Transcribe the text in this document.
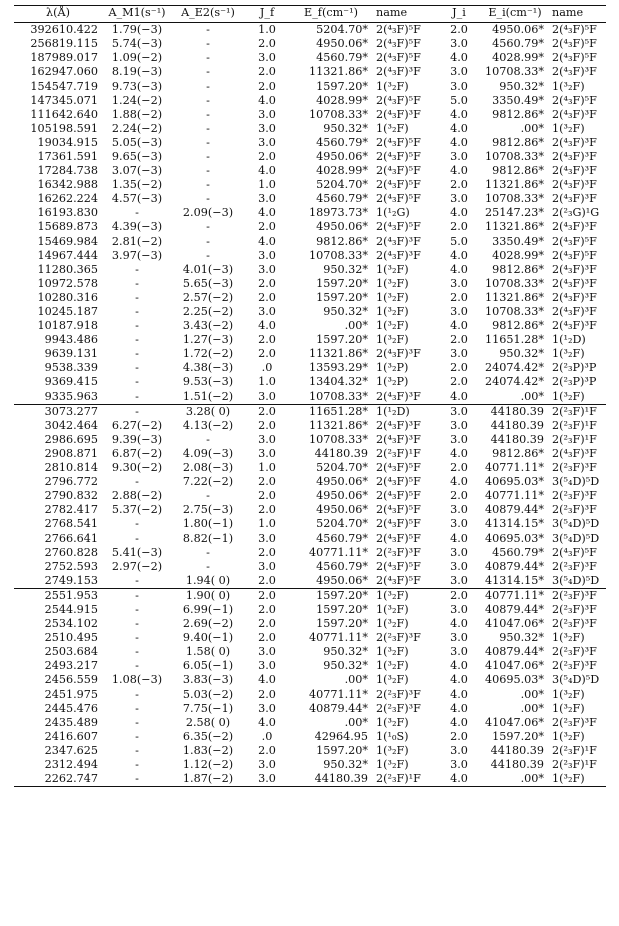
λ(Å)	A_M1(s⁻¹)	A_E2(s⁻¹)	J_f	E_f(cm⁻¹)	name	J_i	E_i(cm⁻¹)	name
392610.422	1.79(−3)	-	1.0	5204.70*	2(⁴₃F)⁵F	2.0	4950.06*	2(⁴₃F)⁵F
256819.115	5.74(−3)	-	2.0	4950.06*	2(⁴₃F)⁵F	3.0	4560.79*	2(⁴₃F)⁵F
187989.017	1.09(−2)	-	3.0	4560.79*	2(⁴₃F)⁵F	4.0	4028.99*	2(⁴₃F)⁵F
162947.060	8.19(−3)	-	2.0	11321.86*	2(⁴₃F)³F	3.0	10708.33*	2(⁴₃F)³F
154547.719	9.73(−3)	-	2.0	1597.20*	1(³₂F)	3.0	950.32*	1(³₂F)
147345.071	1.24(−2)	-	4.0	4028.99*	2(⁴₃F)⁵F	5.0	3350.49*	2(⁴₃F)⁵F
111642.640	1.88(−2)	-	3.0	10708.33*	2(⁴₃F)³F	4.0	9812.86*	2(⁴₃F)³F
105198.591	2.24(−2)	-	3.0	950.32*	1(³₂F)	4.0	.00*	1(³₂F)
19034.915	5.05(−3)	-	3.0	4560.79*	2(⁴₃F)⁵F	4.0	9812.86*	2(⁴₃F)³F
17361.591	9.65(−3)	-	2.0	4950.06*	2(⁴₃F)⁵F	3.0	10708.33*	2(⁴₃F)³F
17284.738	3.07(−3)	-	4.0	4028.99*	2(⁴₃F)⁵F	4.0	9812.86*	2(⁴₃F)³F
16342.988	1.35(−2)	-	1.0	5204.70*	2(⁴₃F)⁵F	2.0	11321.86*	2(⁴₃F)³F
16262.224	4.57(−3)	-	3.0	4560.79*	2(⁴₃F)⁵F	3.0	10708.33*	2(⁴₃F)³F
16193.830	-	2.09(−3)	4.0	18973.73*	1(¹₂G)	4.0	25147.23*	2(²₃G)¹G
15689.873	4.39(−3)	-	2.0	4950.06*	2(⁴₃F)⁵F	2.0	11321.86*	2(⁴₃F)³F
15469.984	2.81(−2)	-	4.0	9812.86*	2(⁴₃F)³F	5.0	3350.49*	2(⁴₃F)⁵F
14967.444	3.97(−3)	-	3.0	10708.33*	2(⁴₃F)³F	4.0	4028.99*	2(⁴₃F)⁵F
11280.365	-	4.01(−3)	3.0	950.32*	1(³₂F)	4.0	9812.86*	2(⁴₃F)³F
10972.578	-	5.65(−3)	2.0	1597.20*	1(³₂F)	3.0	10708.33*	2(⁴₃F)³F
10280.316	-	2.57(−2)	2.0	1597.20*	1(³₂F)	2.0	11321.86*	2(⁴₃F)³F
10245.187	-	2.25(−2)	3.0	950.32*	1(³₂F)	3.0	10708.33*	2(⁴₃F)³F
10187.918	-	3.43(−2)	4.0	.00*	1(³₂F)	4.0	9812.86*	2(⁴₃F)³F
9943.486	-	1.27(−3)	2.0	1597.20*	1(³₂F)	2.0	11651.28*	1(¹₂D)
9639.131	-	1.72(−2)	2.0	11321.86*	2(⁴₃F)³F	3.0	950.32*	1(³₂F)
9538.339	-	4.38(−3)	.0	13593.29*	1(³₂P)	2.0	24074.42*	2(²₃P)³P
9369.415	-	9.53(−3)	1.0	13404.32*	1(³₂P)	2.0	24074.42*	2(²₃P)³P
9335.963	-	1.51(−2)	3.0	10708.33*	2(⁴₃F)³F	4.0	.00*	1(³₂F)
3073.277	-	3.28( 0)	2.0	11651.28*	1(¹₂D)	3.0	44180.39	2(²₃F)¹F
3042.464	6.27(−2)	4.13(−2)	2.0	11321.86*	2(⁴₃F)³F	3.0	44180.39	2(²₃F)¹F
2986.695	9.39(−3)	-	3.0	10708.33*	2(⁴₃F)³F	3.0	44180.39	2(²₃F)¹F
2908.871	6.87(−2)	4.09(−3)	3.0	44180.39	2(²₃F)¹F	4.0	9812.86*	2(⁴₃F)³F
2810.814	9.30(−2)	2.08(−3)	1.0	5204.70*	2(⁴₃F)⁵F	2.0	40771.11*	2(²₃F)³F
2796.772	-	7.22(−2)	2.0	4950.06*	2(⁴₃F)⁵F	4.0	40695.03*	3(⁵₄D)⁵D
2790.832	2.88(−2)	-	2.0	4950.06*	2(⁴₃F)⁵F	2.0	40771.11*	2(²₃F)³F
2782.417	5.37(−2)	2.75(−3)	2.0	4950.06*	2(⁴₃F)⁵F	3.0	40879.44*	2(²₃F)³F
2768.541	-	1.80(−1)	1.0	5204.70*	2(⁴₃F)⁵F	3.0	41314.15*	3(⁵₄D)⁵D
2766.641	-	8.82(−1)	3.0	4560.79*	2(⁴₃F)⁵F	4.0	40695.03*	3(⁵₄D)⁵D
2760.828	5.41(−3)	-	2.0	40771.11*	2(²₃F)³F	3.0	4560.79*	2(⁴₃F)⁵F
2752.593	2.97(−2)	-	3.0	4560.79*	2(⁴₃F)⁵F	3.0	40879.44*	2(²₃F)³F
2749.153	-	1.94( 0)	2.0	4950.06*	2(⁴₃F)⁵F	3.0	41314.15*	3(⁵₄D)⁵D
2551.953	-	1.90( 0)	2.0	1597.20*	1(³₂F)	2.0	40771.11*	2(²₃F)³F
2544.915	-	6.99(−1)	2.0	1597.20*	1(³₂F)	3.0	40879.44*	2(²₃F)³F
2534.102	-	2.69(−2)	2.0	1597.20*	1(³₂F)	4.0	41047.06*	2(²₃F)³F
2510.495	-	9.40(−1)	2.0	40771.11*	2(²₃F)³F	3.0	950.32*	1(³₂F)
2503.684	-	1.58( 0)	3.0	950.32*	1(³₂F)	3.0	40879.44*	2(²₃F)³F
2493.217	-	6.05(−1)	3.0	950.32*	1(³₂F)	4.0	41047.06*	2(²₃F)³F
2456.559	1.08(−3)	3.83(−3)	4.0	.00*	1(³₂F)	4.0	40695.03*	3(⁵₄D)⁵D
2451.975	-	5.03(−2)	2.0	40771.11*	2(²₃F)³F	4.0	.00*	1(³₂F)
2445.476	-	7.75(−1)	3.0	40879.44*	2(²₃F)³F	4.0	.00*	1(³₂F)
2435.489	-	2.58( 0)	4.0	.00*	1(³₂F)	4.0	41047.06*	2(²₃F)³F
2416.607	-	6.35(−2)	.0	42964.95	1(¹₀S)	2.0	1597.20*	1(³₂F)
2347.625	-	1.83(−2)	2.0	1597.20*	1(³₂F)	3.0	44180.39	2(²₃F)¹F
2312.494	-	1.12(−2)	3.0	950.32*	1(³₂F)	3.0	44180.39	2(²₃F)¹F
2262.747	-	1.87(−2)	3.0	44180.39	2(²₃F)¹F	4.0	.00*	1(³₂F)
